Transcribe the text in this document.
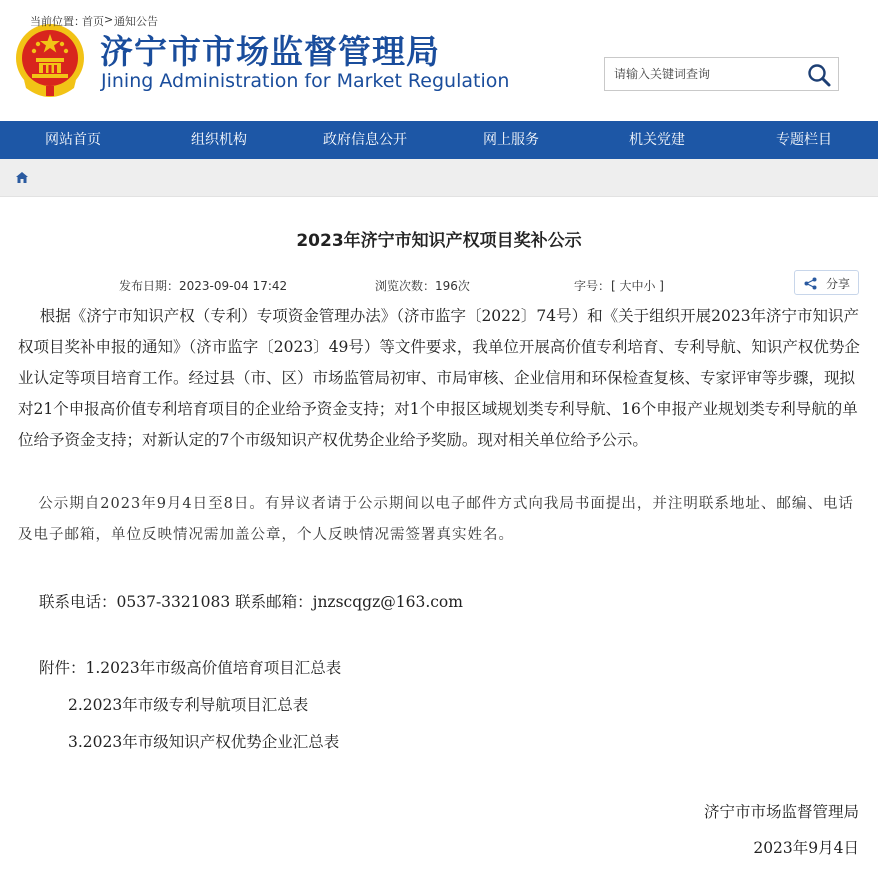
济宁市市场监督管理局
Jining Administration for Market Regulation
请输入关键词查询
网站首页	组织机构	政府信息公开	网上服务	机关党建	专题栏目
当前位置：
首页 > 通知公告
2023年济宁市知识产权项目奖补公示
发布日期：2023-09-04 17:42	浏览次数：196次	字号： [ 大中小 ]	分享
根据《济宁市知识产权（专利）专项资金管理办法》（济市监字〔2022〕74号）和《关于组织开展2023年济宁市知识产权项目奖补申报的通知》（济市监字〔2023〕49号）等文件要求，我单位开展高价值专利培育、专利导航、知识产权优势企业认定等项目培育工作。经过县（市、区）市场监管局初审、市局审核、企业信用和环保检查复核、专家评审等步骤，现拟对21个申报高价值专利培育项目的企业给予资金支持；对1个申报区域规划类专利导航、16个申报产业规划类专利导航的单位给予资金支持；对新认定的7个市级知识产权优势企业给予奖励。现对相关单位给予公示。
公示期自2023年9月4日至8日。有异议者请于公示期间以电子邮件方式向我局书面提出，并注明联系地址、邮编、电话及电子邮箱，单位反映情况需加盖公章，个人反映情况需签署真实姓名。
联系电话：0537-3321083 联系邮箱：jnzscqgz@163.com
附件：1.2023年市级高价值培育项目汇总表
2.2023年市级专利导航项目汇总表
3.2023年市级知识产权优势企业汇总表
济宁市市场监督管理局
2023年9月4日
